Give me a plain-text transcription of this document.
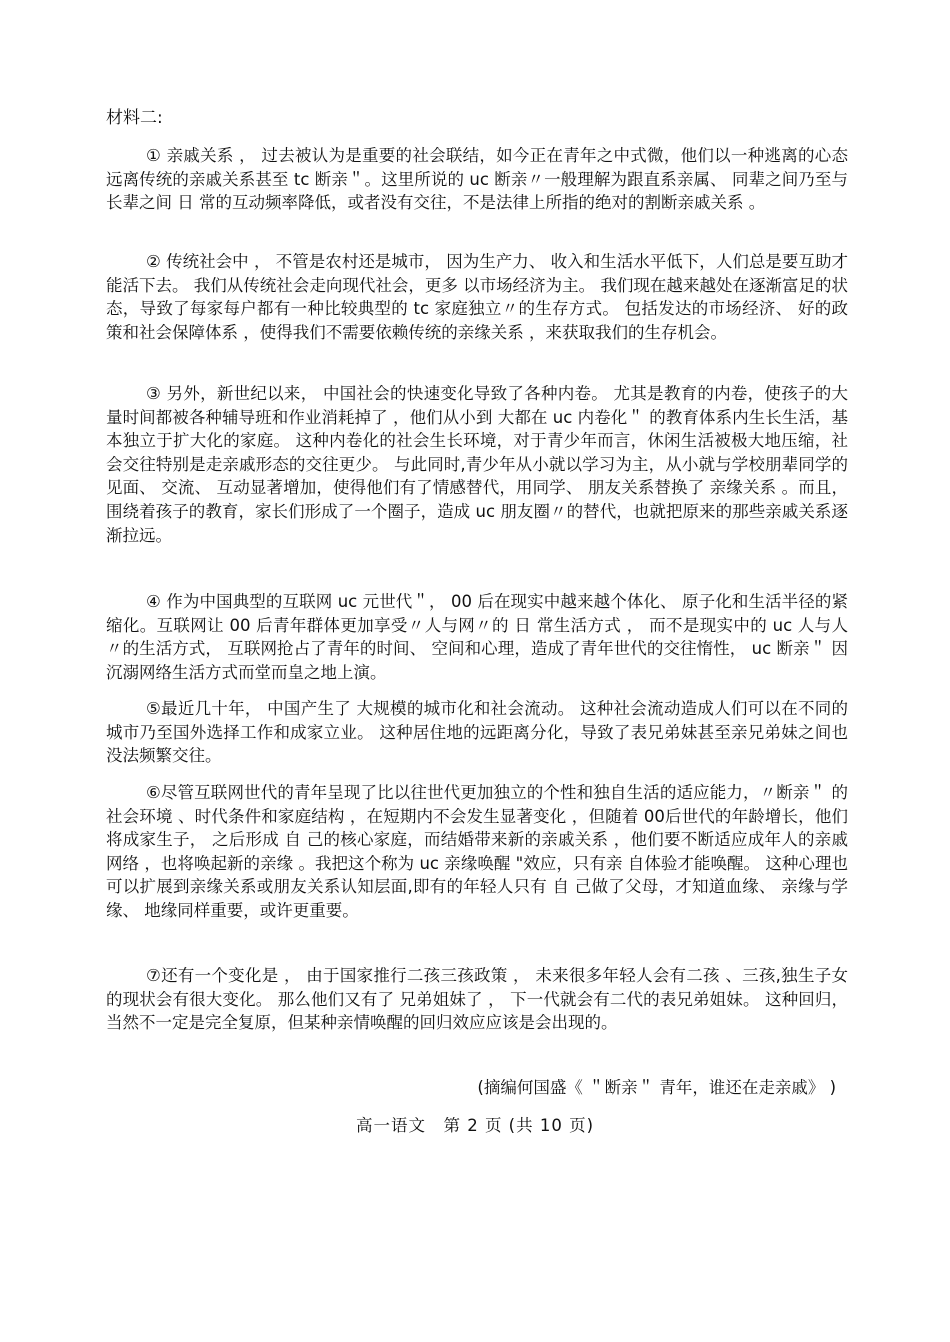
材料二:

① 亲戚关系 ， 过去被认为是重要的社会联结，如今正在青年之中式微，他们以一种逃离的心态远离传统的亲戚关系甚至 tc 断亲＂。这里所说的 uc 断亲〃一般理解为跟直系亲属、 同辈之间乃至与长辈之间 日 常的互动频率降低，或者没有交往，不是法律上所指的绝对的割断亲戚关系 。

② 传统社会中 ， 不管是农村还是城市， 因为生产力、 收入和生活水平低下，人们总是要互助才能活下去。 我们从传统社会走向现代社会，更多 以市场经济为主。 我们现在越来越处在逐渐富足的状态，导致了每家每户都有一种比较典型的 tc 家庭独立〃的生存方式。 包括发达的市场经济、 好的政策和社会保障体系 ，使得我们不需要依赖传统的亲缘关系 ，来获取我们的生存机会。

③ 另外，新世纪以来， 中国社会的快速变化导致了各种内卷。 尤其是教育的内卷，使孩子的大量时间都被各种辅导班和作业消耗掉了 ，他们从小到 大都在 uc 内卷化＂ 的教育体系内生长生活，基本独立于扩大化的家庭。 这种内卷化的社会生长环境，对于青少年而言，休闲生活被极大地压缩，社会交往特别是走亲戚形态的交往更少。 与此同时,青少年从小就以学习为主，从小就与学校朋辈同学的见面、 交流、 互动显著增加，使得他们有了情感替代，用同学、 朋友关系替换了 亲缘关系 。而且，围绕着孩子的教育，家长们形成了一个圈子，造成 uc 朋友圈〃的替代，也就把原来的那些亲戚关系逐渐拉远。

④ 作为中国典型的互联网 uc 元世代＂， 00 后在现实中越来越个体化、 原子化和生活半径的紧缩化。互联网让 00 后青年群体更加享受〃人与网〃的 日 常生活方式 ， 而不是现实中的 uc 人与人〃的生活方式， 互联网抢占了青年的时间、 空间和心理，造成了青年世代的交往惰性， uc 断亲＂ 因沉溺网络生活方式而堂而皇之地上演。

⑤最近几十年， 中国产生了 大规模的城市化和社会流动。 这种社会流动造成人们可以在不同的城市乃至国外选择工作和成家立业。 这种居住地的远距离分化，导致了表兄弟妹甚至亲兄弟妹之间也没法频繁交往。

⑥尽管互联网世代的青年呈现了比以往世代更加独立的个性和独自生活的适应能力，〃断亲＂ 的社会环境 、时代条件和家庭结构 ，在短期内不会发生显著变化 ，但随着 00后世代的年龄增长，他们将成家生子， 之后形成 自 己的核心家庭，而结婚带来新的亲戚关系 ，他们要不断适应成年人的亲戚网络 ，也将唤起新的亲缘 。我把这个称为 uc 亲缘唤醒 "效应，只有亲 自体验才能唤醒。 这种心理也可以扩展到亲缘关系或朋友关系认知层面,即有的年轻人只有 自 己做了父母，才知道血缘、 亲缘与学缘、 地缘同样重要，或许更重要。

⑦还有一个变化是 ， 由于国家推行二孩三孩政策 ， 未来很多年轻人会有二孩 、三孩,独生子女的现状会有很大变化。 那么他们又有了 兄弟姐妹了 ， 下一代就会有二代的表兄弟姐妹。 这种回归，当然不一定是完全复原，但某种亲情唤醒的回归效应应该是会出现的。

(摘编何国盛《 ＂断亲＂ 青年，谁还在走亲戚》 )
高一语文　第 2 页 (共 10 页)
